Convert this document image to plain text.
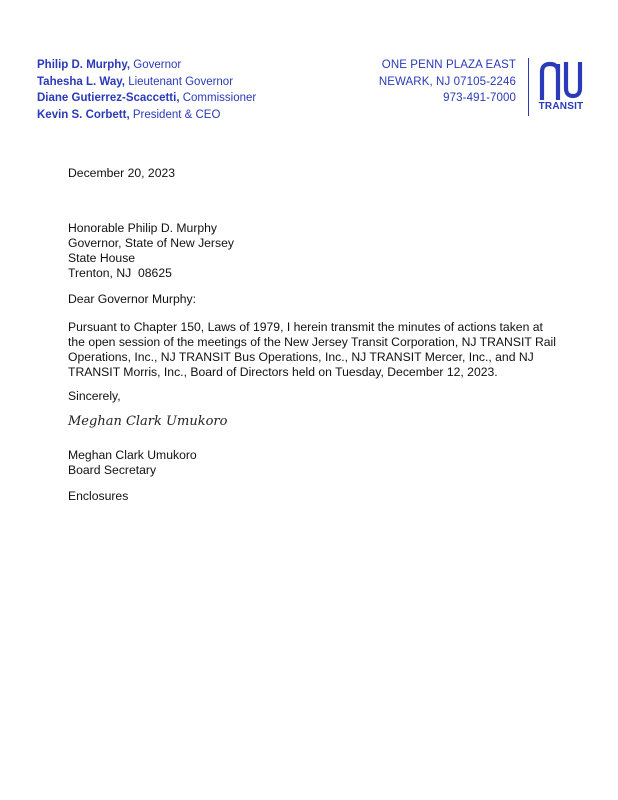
Philip D. Murphy, Governor
Tahesha L. Way, Lieutenant Governor
Diane Gutierrez-Scaccetti, Commissioner
Kevin S. Corbett, President & CEO
ONE PENN PLAZA EAST
NEWARK, NJ 07105-2246
973-491-7000
TRANSIT
December 20, 2023
Honorable Philip D. Murphy
Governor, State of New Jersey
State House
Trenton, NJ  08625
Dear Governor Murphy:

Pursuant to Chapter 150, Laws of 1979, I herein transmit the minutes of actions taken at the open session of the meetings of the New Jersey Transit Corporation, NJ TRANSIT Rail Operations, Inc., NJ TRANSIT Bus Operations, Inc., NJ TRANSIT Mercer, Inc., and NJ TRANSIT Morris, Inc., Board of Directors held on Tuesday, December 12, 2023.

Sincerely,
Meghan Clark Umukoro
Meghan Clark Umukoro
Board Secretary
Enclosures
